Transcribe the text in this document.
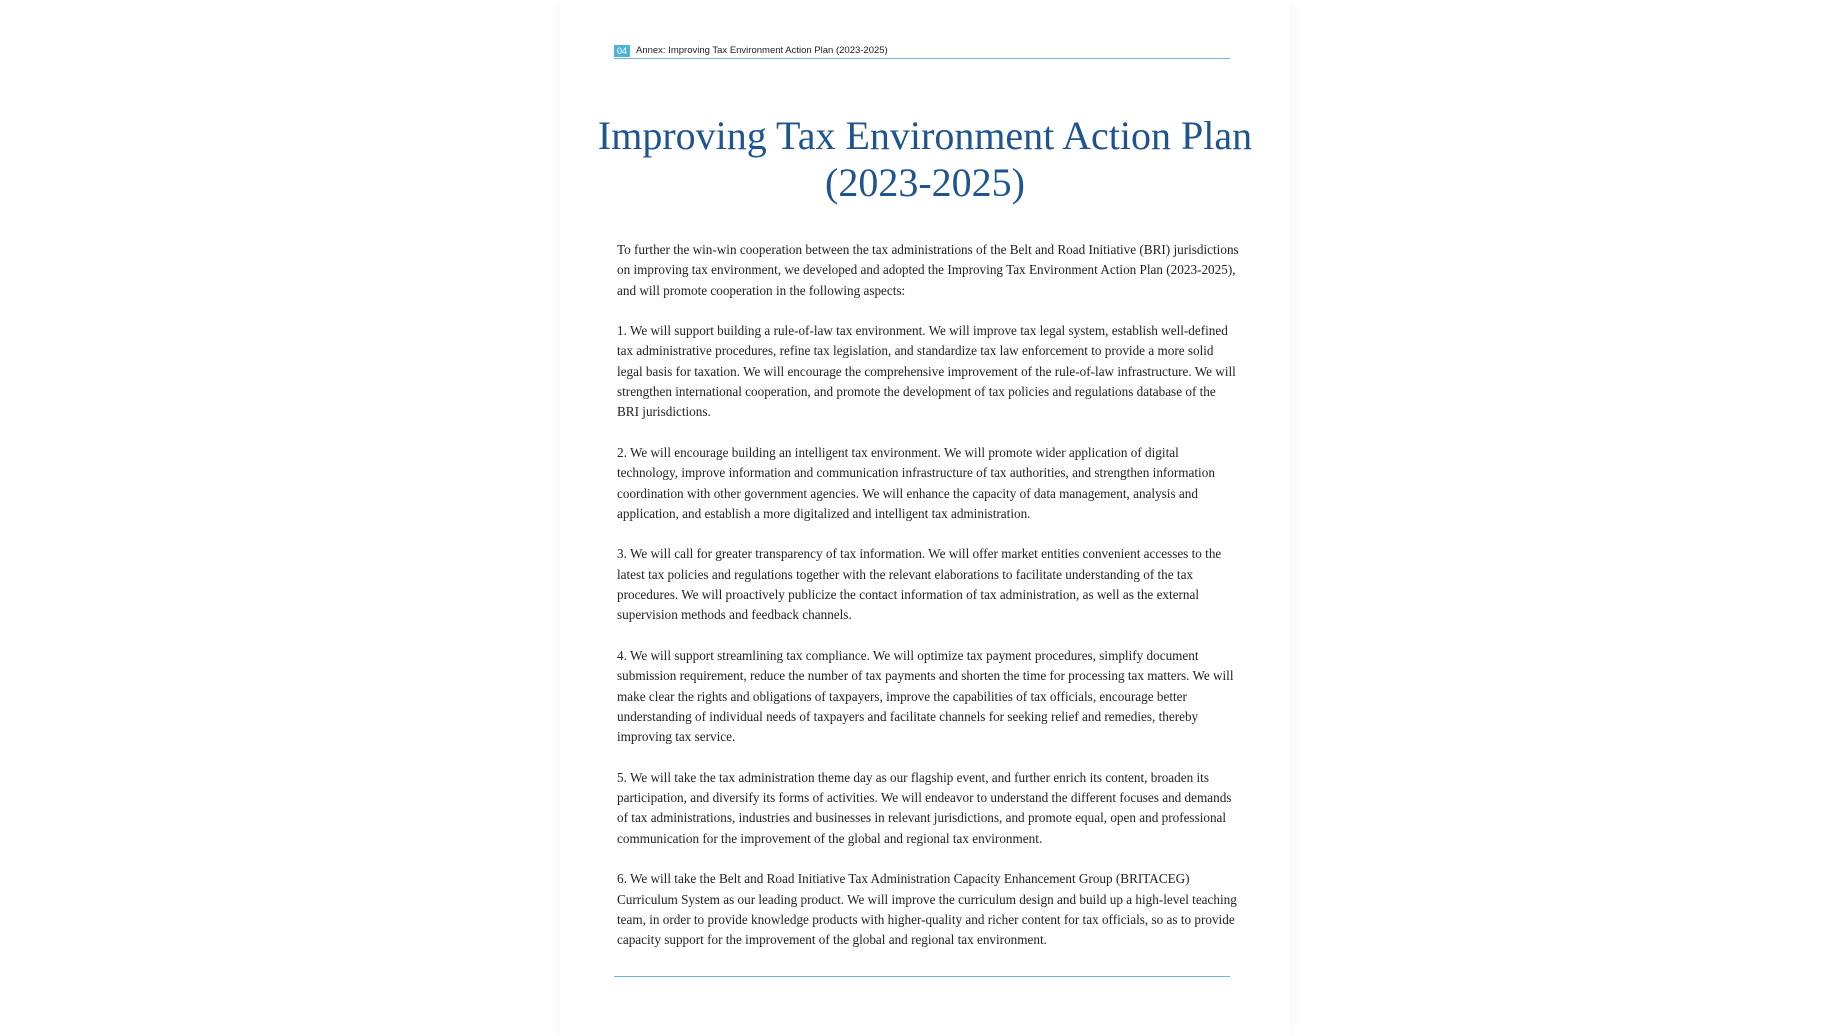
04 Annex: Improving Tax Environment Action Plan (2023-2025)
Improving Tax Environment Action Plan
(2023-2025)

To further the win-win cooperation between the tax administrations of the Belt and Road Initiative (BRI) jurisdictions on improving tax environment, we developed and adopted the Improving Tax Environment Action Plan (2023-2025), and will promote cooperation in the following aspects:

1. We will support building a rule-of-law tax environment. We will improve tax legal system, establish well-defined tax administrative procedures, refine tax legislation, and standardize tax law enforcement to provide a more solid legal basis for taxation. We will encourage the comprehensive improvement of the rule-of-law infrastructure. We will strengthen international cooperation, and promote the development of tax policies and regulations database of the BRI jurisdictions.

2. We will encourage building an intelligent tax environment. We will promote wider application of digital technology, improve information and communication infrastructure of tax authorities, and strengthen information coordination with other government agencies. We will enhance the capacity of data management, analysis and application, and establish a more digitalized and intelligent tax administration.

3. We will call for greater transparency of tax information. We will offer market entities convenient accesses to the latest tax policies and regulations together with the relevant elaborations to facilitate understanding of the tax procedures. We will proactively publicize the contact information of tax administration, as well as the external supervision methods and feedback channels.

4. We will support streamlining tax compliance. We will optimize tax payment procedures, simplify document submission requirement, reduce the number of tax payments and shorten the time for processing tax matters. We will make clear the rights and obligations of taxpayers, improve the capabilities of tax officials, encourage better understanding of individual needs of taxpayers and facilitate channels for seeking relief and remedies, thereby improving tax service.

5. We will take the tax administration theme day as our flagship event, and further enrich its content, broaden its participation, and diversify its forms of activities. We will endeavor to understand the different focuses and demands of tax administrations, industries and businesses in relevant jurisdictions, and promote equal, open and professional communication for the improvement of the global and regional tax environment.

6. We will take the Belt and Road Initiative Tax Administration Capacity Enhancement Group (BRITACEG) Curriculum System as our leading product. We will improve the curriculum design and build up a high-level teaching team, in order to provide knowledge products with higher-quality and richer content for tax officials, so as to provide capacity support for the improvement of the global and regional tax environment.
